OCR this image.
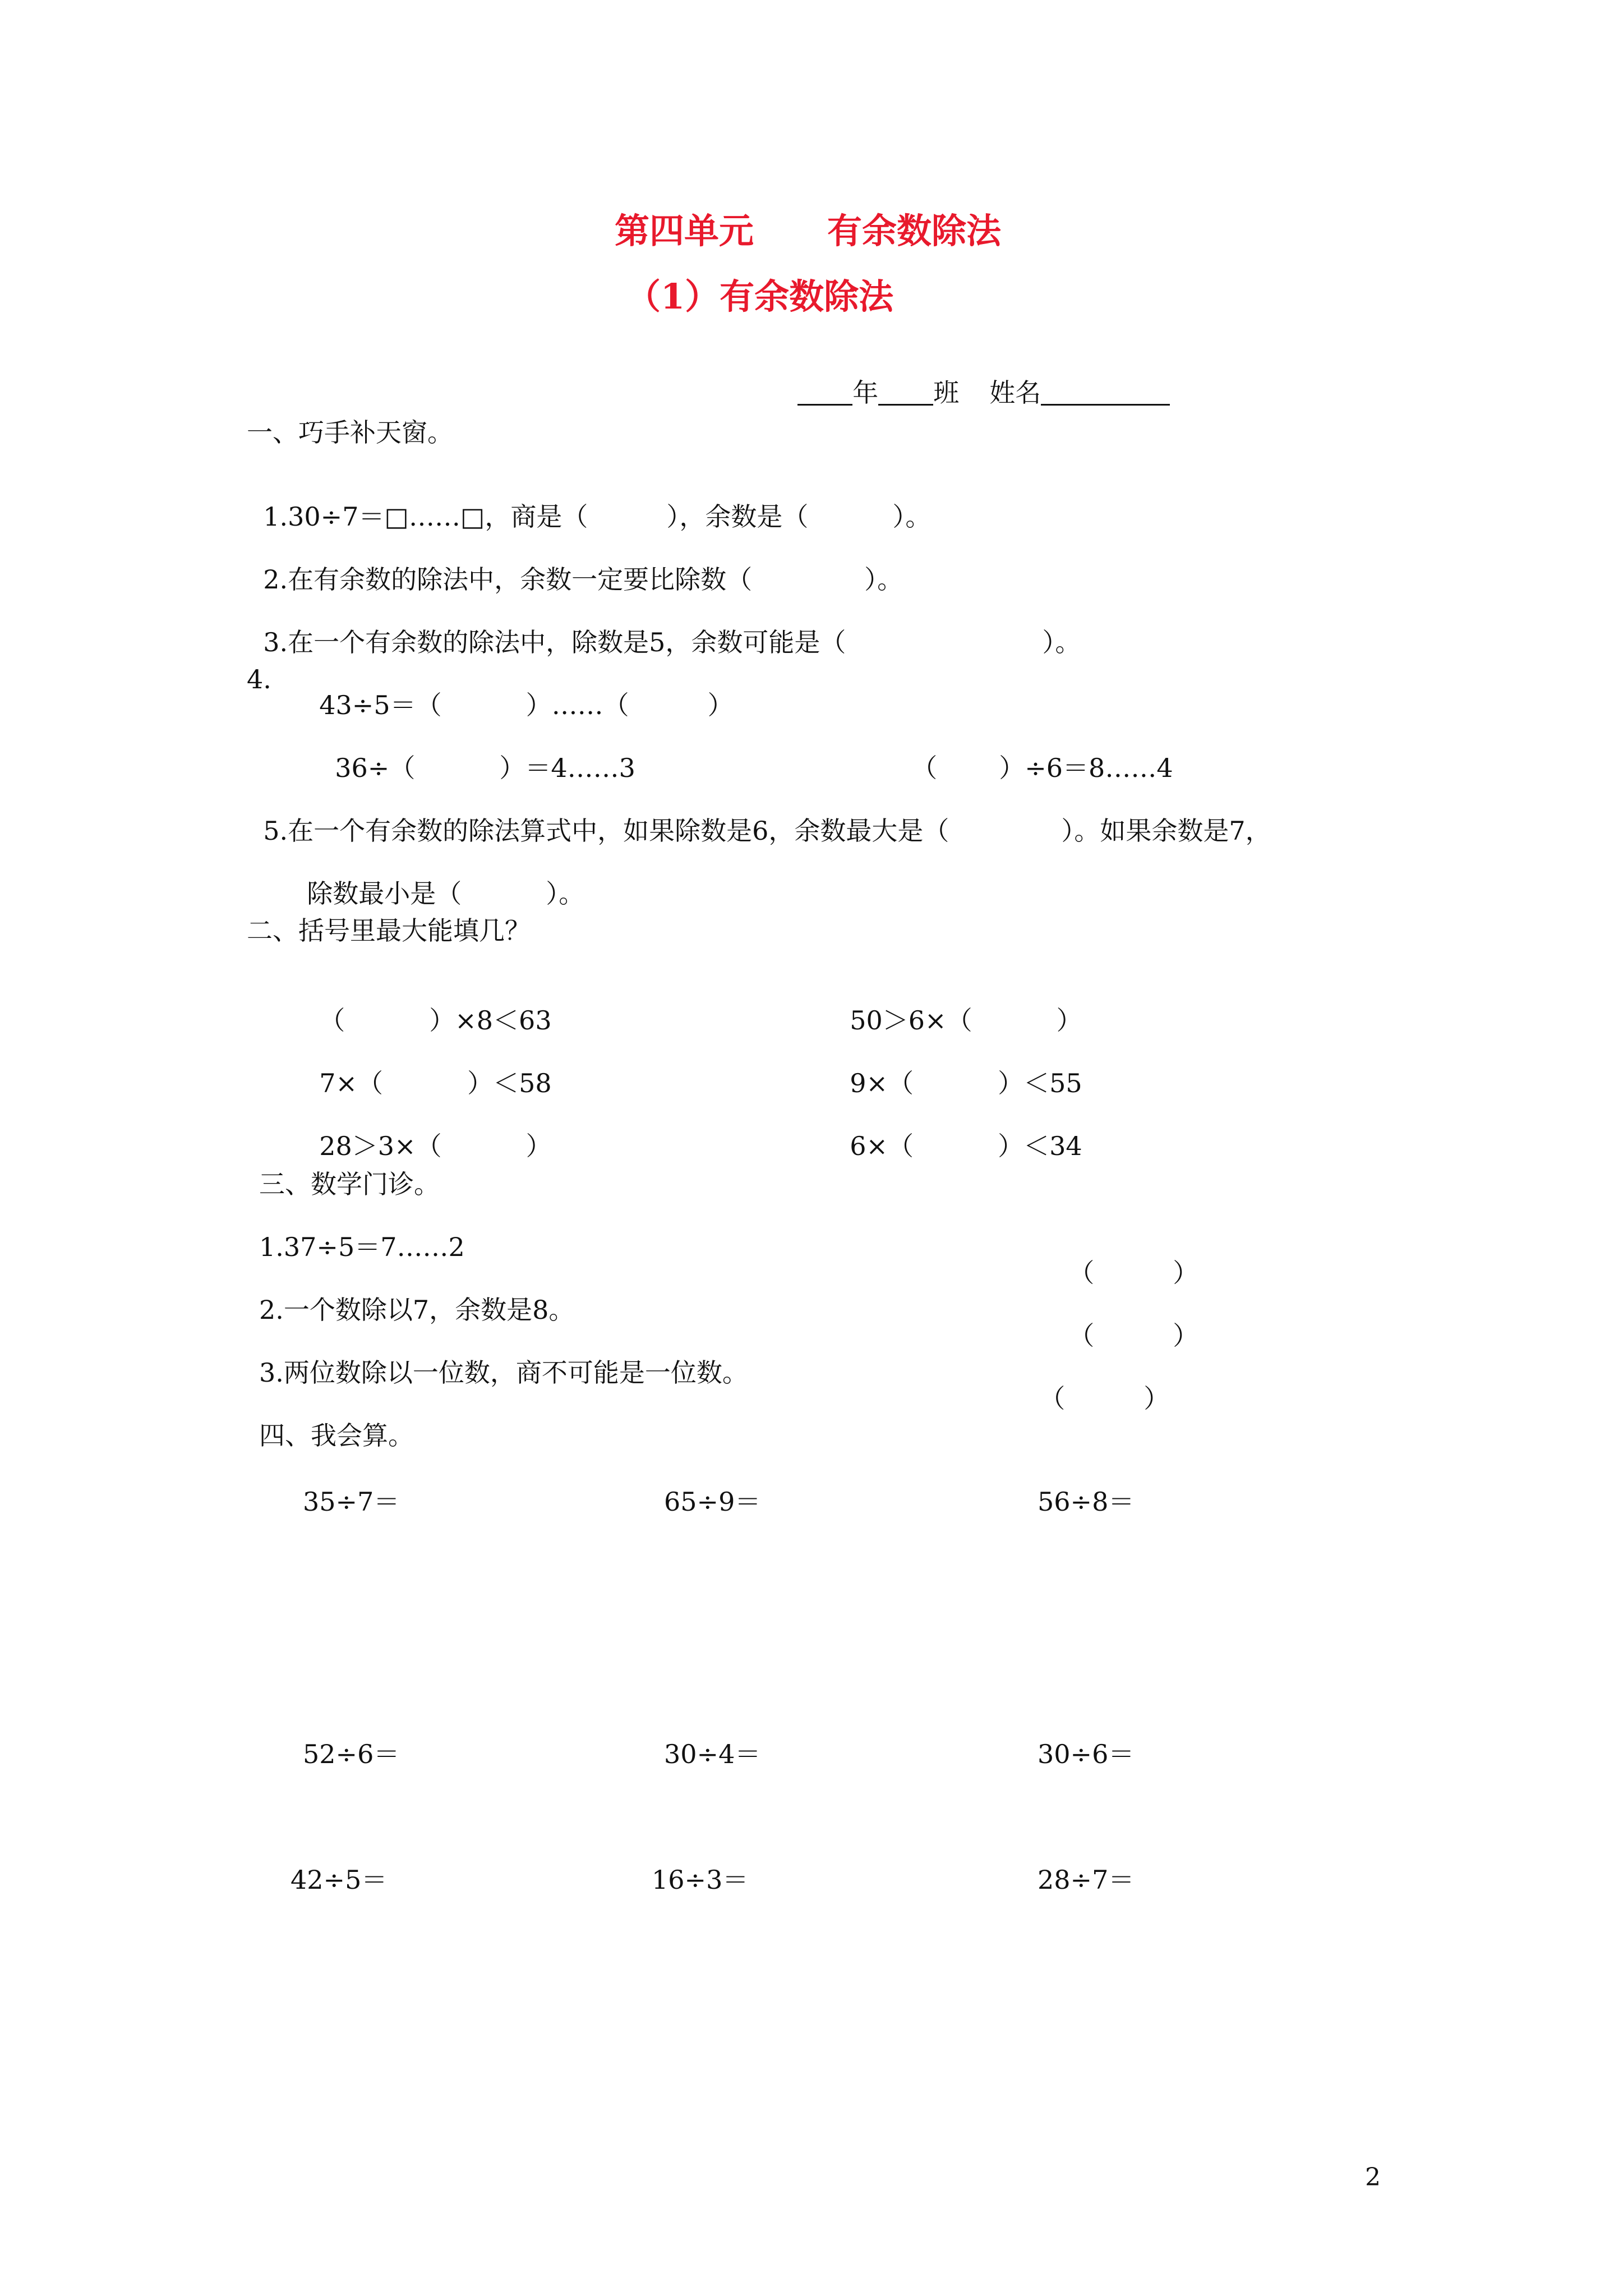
第四单元 有余数除法
（1）有余数除法

年 班 姓名

一、巧手补天窗。

1.30÷7＝□……□，商是（	），余数是（	）。

2.在有余数的除法中，余数一定要比除数（	）。

3.在一个有余数的除法中，除数是5，余数可能是（	）。

4.

43÷5＝（	）……（	）

36÷（	）＝4……3	（ ）÷6＝8……4

5.在一个有余数的除法算式中，如果除数是6，余数最大是（	）。如果余数是7，

除数最小是（	）。

二、括号里最大能填几？

（	）×8＜63	50＞6×（	）

7×（	）＜58	9×（	）＜55

28＞3×（	）	6×（	）＜34

三、数学门诊。
1.37÷5＝7……2

（	）

2.一个数除以7，余数是8。

（	）

3.两位数除以一位数，商不可能是一位数。

（	）

四、我会算。
35÷7＝	65÷9＝	56÷8＝
52÷6＝	30÷4＝	30÷6＝
42÷5＝	16÷3＝	28÷7＝
2
